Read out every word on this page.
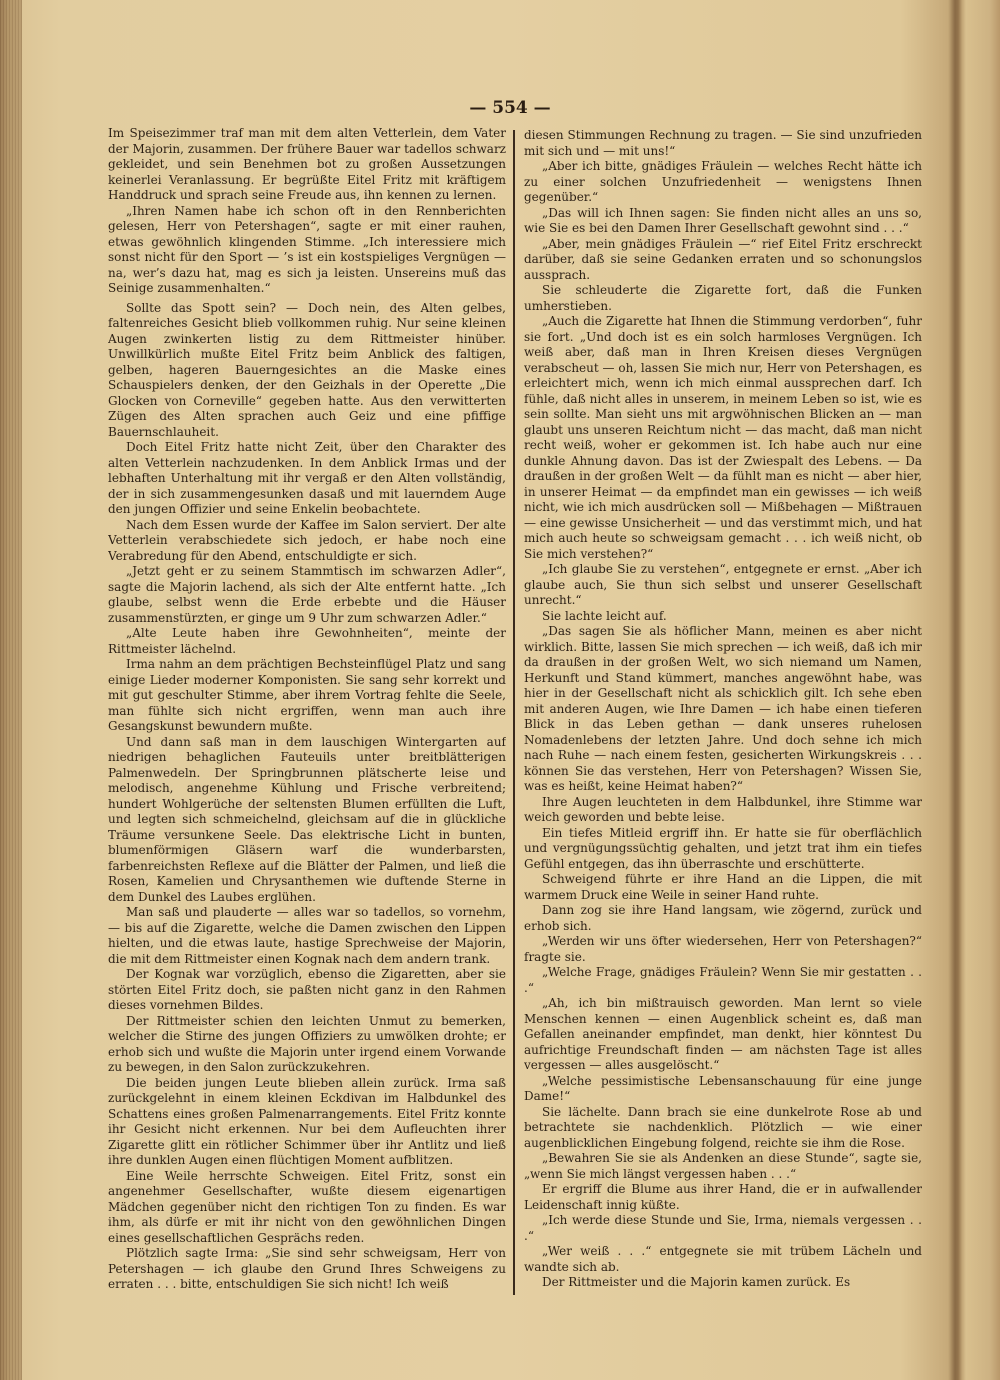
— 554 —

Im Speisezimmer traf man mit dem alten Vetterlein, dem Vater der Majorin, zusammen. Der frühere Bauer war tadellos schwarz gekleidet, und sein Benehmen bot zu großen Aussetzungen keinerlei Veranlassung. Er begrüßte Eitel Fritz mit kräftigem Handdruck und sprach seine Freude aus, ihn kennen zu lernen.

„Ihren Namen habe ich schon oft in den Rennberichten gelesen, Herr von Petershagen“, sagte er mit einer rauhen, etwas gewöhnlich klingenden Stimme. „Ich interessiere mich sonst nicht für den Sport — ’s ist ein kostspieliges Vergnügen — na, wer’s dazu hat, mag es sich ja leisten. Unsereins muß das Seinige zusammenhalten.“

Sollte das Spott sein? — Doch nein, des Alten gelbes, faltenreiches Gesicht blieb vollkommen ruhig. Nur seine kleinen Augen zwinkerten listig zu dem Rittmeister hinüber. Unwillkürlich mußte Eitel Fritz beim Anblick des faltigen, gelben, hageren Bauerngesichtes an die Maske eines Schauspielers denken, der den Geizhals in der Operette „Die Glocken von Corneville“ gegeben hatte. Aus den verwitterten Zügen des Alten sprachen auch Geiz und eine pfiffige Bauernschlauheit.

Doch Eitel Fritz hatte nicht Zeit, über den Charakter des alten Vetterlein nachzudenken. In dem Anblick Irmas und der lebhaften Unterhaltung mit ihr vergaß er den Alten vollständig, der in sich zusammengesunken dasaß und mit lauerndem Auge den jungen Offizier und seine Enkelin beobachtete.

Nach dem Essen wurde der Kaffee im Salon serviert. Der alte Vetterlein verabschiedete sich jedoch, er habe noch eine Verabredung für den Abend, entschuldigte er sich.

„Jetzt geht er zu seinem Stammtisch im schwarzen Adler“, sagte die Majorin lachend, als sich der Alte entfernt hatte. „Ich glaube, selbst wenn die Erde erbebte und die Häuser zusammenstürzten, er ginge um 9 Uhr zum schwarzen Adler.“

„Alte Leute haben ihre Gewohnheiten“, meinte der Rittmeister lächelnd.

Irma nahm an dem prächtigen Bechsteinflügel Platz und sang einige Lieder moderner Komponisten. Sie sang sehr korrekt und mit gut geschulter Stimme, aber ihrem Vortrag fehlte die Seele, man fühlte sich nicht ergriffen, wenn man auch ihre Gesangskunst bewundern mußte.

Und dann saß man in dem lauschigen Wintergarten auf niedrigen behaglichen Fauteuils unter breitblätterigen Palmenwedeln. Der Springbrunnen plätscherte leise und melodisch, angenehme Kühlung und Frische verbreitend; hundert Wohlgerüche der seltensten Blumen erfüllten die Luft, und legten sich schmeichelnd, gleichsam auf die in glückliche Träume versunkene Seele. Das elektrische Licht in bunten, blumenförmigen Gläsern warf die wunderbarsten, farbenreichsten Reflexe auf die Blätter der Palmen, und ließ die Rosen, Kamelien und Chrysanthemen wie duftende Sterne in dem Dunkel des Laubes erglühen.

Man saß und plauderte — alles war so tadellos, so vornehm, — bis auf die Zigarette, welche die Damen zwischen den Lippen hielten, und die etwas laute, hastige Sprechweise der Majorin, die mit dem Rittmeister einen Kognak nach dem andern trank.

Der Kognak war vorzüglich, ebenso die Zigaretten, aber sie störten Eitel Fritz doch, sie paßten nicht ganz in den Rahmen dieses vornehmen Bildes.

Der Rittmeister schien den leichten Unmut zu bemerken, welcher die Stirne des jungen Offiziers zu umwölken drohte; er erhob sich und wußte die Majorin unter irgend einem Vorwande zu bewegen, in den Salon zurückzukehren.

Die beiden jungen Leute blieben allein zurück. Irma saß zurückgelehnt in einem kleinen Eckdivan im Halbdunkel des Schattens eines großen Palmenarrangements. Eitel Fritz konnte ihr Gesicht nicht erkennen. Nur bei dem Aufleuchten ihrer Zigarette glitt ein rötlicher Schimmer über ihr Antlitz und ließ ihre dunklen Augen einen flüchtigen Moment aufblitzen.

Eine Weile herrschte Schweigen. Eitel Fritz, sonst ein angenehmer Gesellschafter, wußte diesem eigenartigen Mädchen gegenüber nicht den richtigen Ton zu finden. Es war ihm, als dürfe er mit ihr nicht von den gewöhnlichen Dingen eines gesellschaftlichen Gesprächs reden.

Plötzlich sagte Irma: „Sie sind sehr schweigsam, Herr von Petershagen — ich glaube den Grund Ihres Schweigens zu erraten . . . bitte, entschuldigen Sie sich nicht! Ich weiß

diesen Stimmungen Rechnung zu tragen. — Sie sind unzufrieden mit sich und — mit uns!“

„Aber ich bitte, gnädiges Fräulein — welches Recht hätte ich zu einer solchen Unzufriedenheit — wenigstens Ihnen gegenüber.“

„Das will ich Ihnen sagen: Sie finden nicht alles an uns so, wie Sie es bei den Damen Ihrer Gesellschaft gewohnt sind . . .“

„Aber, mein gnädiges Fräulein —“ rief Eitel Fritz erschreckt darüber, daß sie seine Gedanken erraten und so schonungslos aussprach.

Sie schleuderte die Zigarette fort, daß die Funken umherstieben.

„Auch die Zigarette hat Ihnen die Stimmung verdorben“, fuhr sie fort. „Und doch ist es ein solch harmloses Vergnügen. Ich weiß aber, daß man in Ihren Kreisen dieses Vergnügen verabscheut — oh, lassen Sie mich nur, Herr von Petershagen, es erleichtert mich, wenn ich mich einmal aussprechen darf. Ich fühle, daß nicht alles in unserem, in meinem Leben so ist, wie es sein sollte. Man sieht uns mit argwöhnischen Blicken an — man glaubt uns unseren Reichtum nicht — das macht, daß man nicht recht weiß, woher er gekommen ist. Ich habe auch nur eine dunkle Ahnung davon. Das ist der Zwiespalt des Lebens. — Da draußen in der großen Welt — da fühlt man es nicht — aber hier, in unserer Heimat — da empfindet man ein gewisses — ich weiß nicht, wie ich mich ausdrücken soll — Mißbehagen — Mißtrauen — eine gewisse Unsicherheit — und das verstimmt mich, und hat mich auch heute so schweigsam gemacht . . . ich weiß nicht, ob Sie mich verstehen?“

„Ich glaube Sie zu verstehen“, entgegnete er ernst. „Aber ich glaube auch, Sie thun sich selbst und unserer Gesellschaft unrecht.“

Sie lachte leicht auf.

„Das sagen Sie als höflicher Mann, meinen es aber nicht wirklich. Bitte, lassen Sie mich sprechen — ich weiß, daß ich mir da draußen in der großen Welt, wo sich niemand um Namen, Herkunft und Stand kümmert, manches angewöhnt habe, was hier in der Gesellschaft nicht als schicklich gilt. Ich sehe eben mit anderen Augen, wie Ihre Damen — ich habe einen tieferen Blick in das Leben gethan — dank unseres ruhelosen Nomadenlebens der letzten Jahre. Und doch sehne ich mich nach Ruhe — nach einem festen, gesicherten Wirkungskreis . . . können Sie das verstehen, Herr von Petershagen? Wissen Sie, was es heißt, keine Heimat haben?“

Ihre Augen leuchteten in dem Halbdunkel, ihre Stimme war weich geworden und bebte leise.

Ein tiefes Mitleid ergriff ihn. Er hatte sie für oberflächlich und vergnügungssüchtig gehalten, und jetzt trat ihm ein tiefes Gefühl entgegen, das ihn überraschte und erschütterte.

Schweigend führte er ihre Hand an die Lippen, die mit warmem Druck eine Weile in seiner Hand ruhte.

Dann zog sie ihre Hand langsam, wie zögernd, zurück und erhob sich.

„Werden wir uns öfter wiedersehen, Herr von Petershagen?“ fragte sie.

„Welche Frage, gnädiges Fräulein? Wenn Sie mir gestatten . . .“

„Ah, ich bin mißtrauisch geworden. Man lernt so viele Menschen kennen — einen Augenblick scheint es, daß man Gefallen aneinander empfindet, man denkt, hier könntest Du aufrichtige Freundschaft finden — am nächsten Tage ist alles vergessen — alles ausgelöscht.“

„Welche pessimistische Lebensanschauung für eine junge Dame!“

Sie lächelte. Dann brach sie eine dunkelrote Rose ab und betrachtete sie nachdenklich. Plötzlich — wie einer augenblicklichen Eingebung folgend, reichte sie ihm die Rose.

„Bewahren Sie sie als Andenken an diese Stunde“, sagte sie, „wenn Sie mich längst vergessen haben . . .“

Er ergriff die Blume aus ihrer Hand, die er in aufwallender Leidenschaft innig küßte.

„Ich werde diese Stunde und Sie, Irma, niemals vergessen . . .“

„Wer weiß . . .“ entgegnete sie mit trübem Lächeln und wandte sich ab.

Der Rittmeister und die Majorin kamen zurück. Es
